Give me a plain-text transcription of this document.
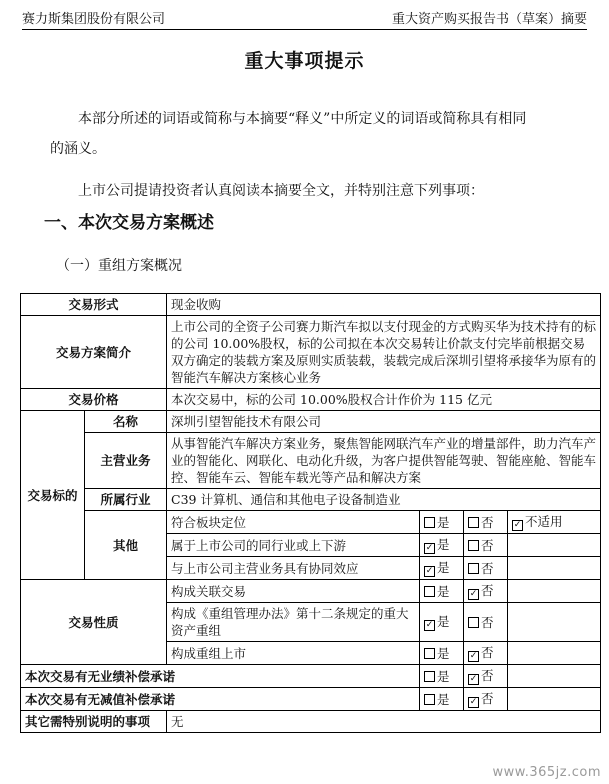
赛力斯集团股份有限公司	重大资产购买报告书（草案）摘要
重大事项提示
本部分所述的词语或简称与本摘要“释义”中所定义的词语或简称具有相同
的涵义。
上市公司提请投资者认真阅读本摘要全文，并特别注意下列事项：
一、本次交易方案概述
（一）重组方案概况
交易形式		现金收购			
交易方案简介		上市公司的全资子公司赛力斯汽车拟以支付现金的方式购买华为技术持有的标的公司 10.00%股权，标的公司拟在本次交易转让价款支付完毕前根据交易双方确定的装载方案及原则实质装载，装载完成后深圳引望将承接华为原有的智能汽车解决方案核心业务			
交易价格		本次交易中，标的公司 10.00%股权合计作价为 115 亿元			
交易标的	名称	深圳引望智能技术有限公司			
	主营业务	从事智能汽车解决方案业务，聚焦智能网联汽车产业的增量部件，助力汽车产业的智能化、网联化、电动化升级，为客户提供智能驾驶、智能座舱、智能车控、智能车云、智能车载光等产品和解决方案			
	所属行业	C39 计算机、通信和其他电子设备制造业			
	其他	符合板块定位	是	否	✓ 不适用
		属于上市公司的同行业或上下游	✓ 是	否	
		与上市公司主营业务具有协同效应	✓ 是	否	
交易性质		构成关联交易	是	✓ 否	
		构成《重组管理办法》第十二条规定的重大资产重组	✓ 是	否	
		构成重组上市	是	✓ 否	
本次交易有无业绩补偿承诺			是	✓ 否	
本次交易有无减值补偿承诺			是	✓ 否	
其它需特别说明的事项		无			
www.365jz.com
